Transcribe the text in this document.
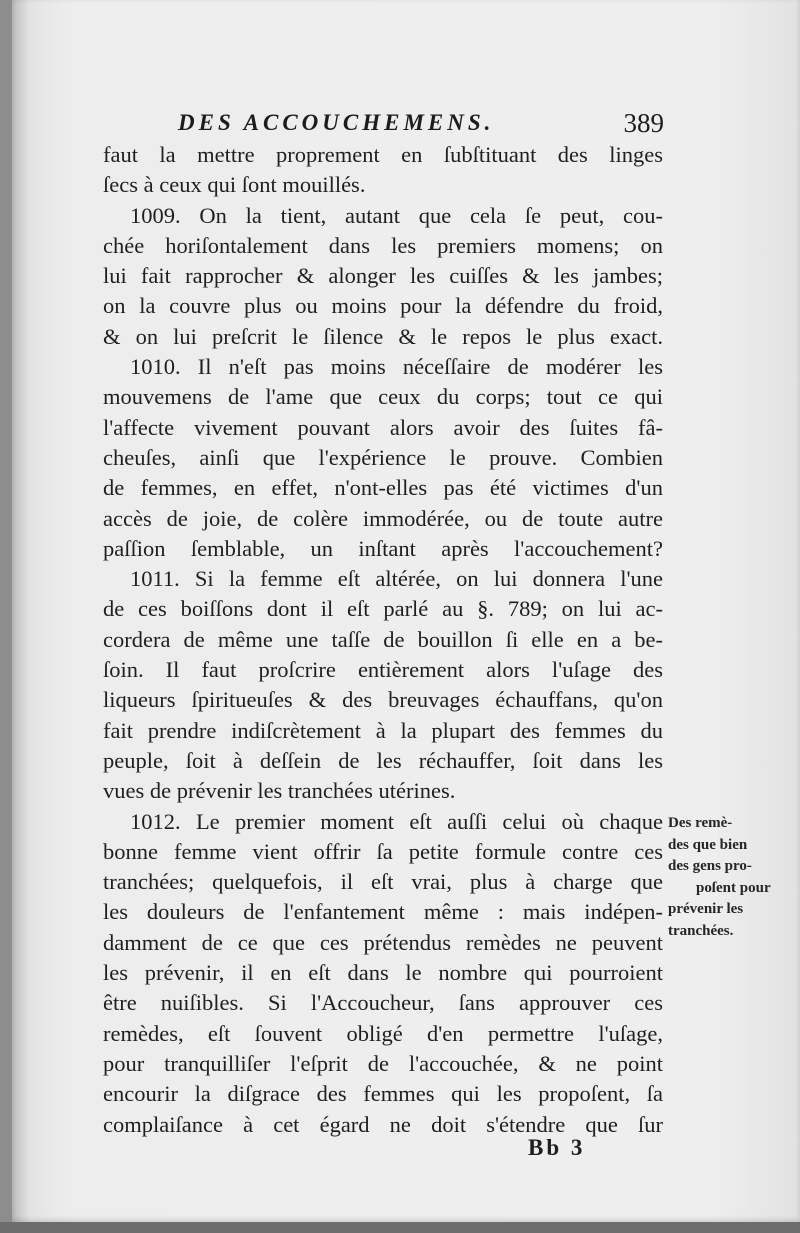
DES ACCOUCHEMENS.	389
faut la mettre proprement en ſubſtituant des linges
ſecs à ceux qui ſont mouillés.
1009. On la tient, autant que cela ſe peut, cou-
chée horiſontalement dans les premiers momens; on
lui fait rapprocher & alonger les cuiſſes & les jambes;
on la couvre plus ou moins pour la défendre du froid,
& on lui preſcrit le ſilence & le repos le plus exact.
1010. Il n'eſt pas moins néceſſaire de modérer les
mouvemens de l'ame que ceux du corps; tout ce qui
l'affecte vivement pouvant alors avoir des ſuites fâ-
cheuſes, ainſi que l'expérience le prouve. Combien
de femmes, en effet, n'ont-elles pas été victimes d'un
accès de joie, de colère immodérée, ou de toute autre
paſſion ſemblable, un inſtant après l'accouchement?
1011. Si la femme eſt altérée, on lui donnera l'une
de ces boiſſons dont il eſt parlé au §. 789; on lui ac-
cordera de même une taſſe de bouillon ſi elle en a be-
ſoin. Il faut proſcrire entièrement alors l'uſage des
liqueurs ſpiritueuſes & des breuvages échauffans, qu'on
fait prendre indiſcrètement à la plupart des femmes du
peuple, ſoit à deſſein de les réchauffer, ſoit dans les
vues de prévenir les tranchées utérines.
1012. Le premier moment eſt auſſi celui où chaque
bonne femme vient offrir ſa petite formule contre ces
tranchées; quelquefois, il eſt vrai, plus à charge que
les douleurs de l'enfantement même : mais indépen-
damment de ce que ces prétendus remèdes ne peuvent
les prévenir, il en eſt dans le nombre qui pourroient
être nuiſibles. Si l'Accoucheur, ſans approuver ces
remèdes, eſt ſouvent obligé d'en permettre l'uſage,
pour tranquilliſer l'eſprit de l'accouchée, & ne point
encourir la diſgrace des femmes qui les propoſent, ſa
complaiſance à cet égard ne doit s'étendre que ſur
Des remè-
des que bien
des gens pro-
poſent pour
prévenir les
tranchées.
Bb 3
